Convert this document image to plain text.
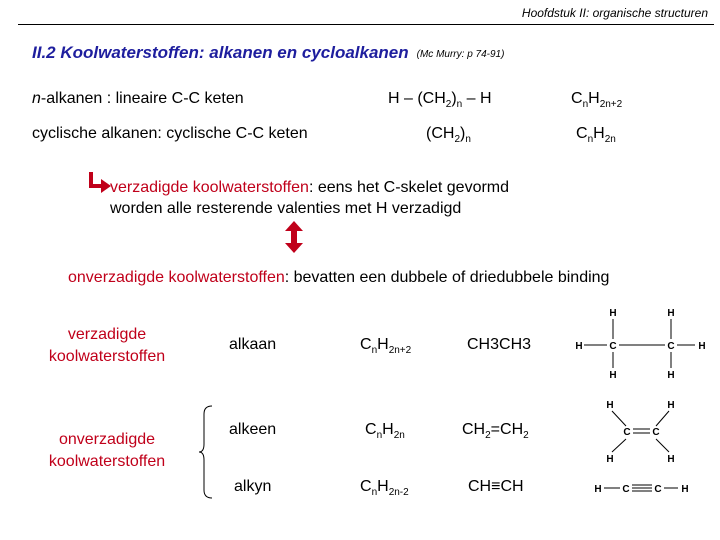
Hoofdstuk II: organische structuren
II.2 Koolwaterstoffen: alkanen en cycloalkanen (Mc Murry: p 74-91)
n-alkanen : lineaire C-C keten	H – $(CH_2)_n$ – H	$C_nH_{2n+2}$
cyclische alkanen: cyclische C-C keten	$(CH_2)_n$	$C_nH_{2n}$
verzadigde koolwaterstoffen: eens het C-skelet gevormd
worden alle resterende valenties met H verzadigd
onverzadigde koolwaterstoffen: bevatten een dubbele of driedubbele binding
verzadigde
koolwaterstoffen
onverzadigde
koolwaterstoffen
alkaan	$C_nH_{2n+2}$	CH3CH3
alkeen	$C_nH_{2n}$	$CH_2=CH_2$
alkyn	$C_nH_{2n-2}$	CH≡CH
H	H
H	C	C H
H	H
H	H
C C
H	H
H C C H
